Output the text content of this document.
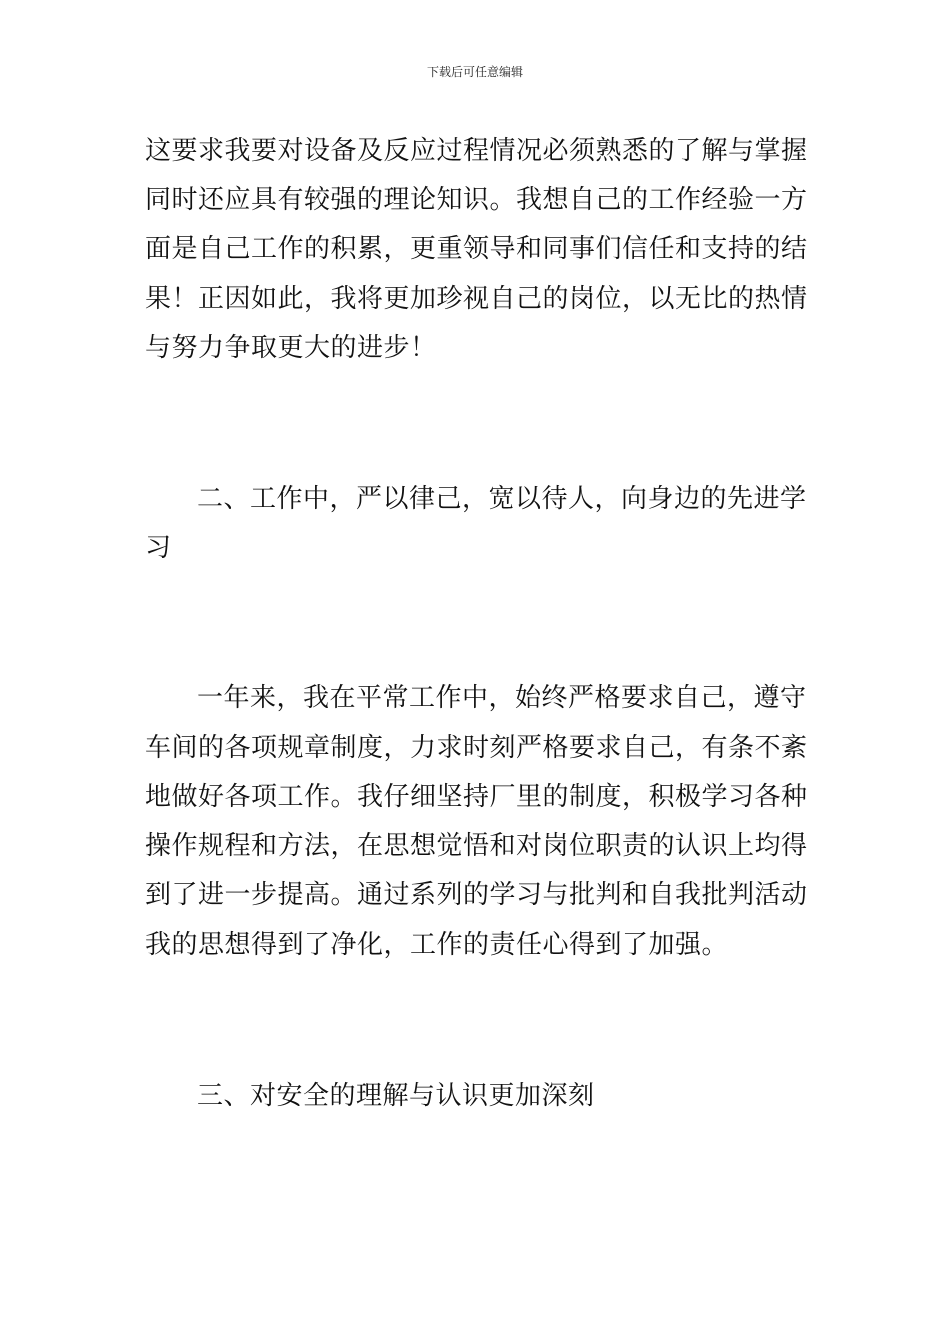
下载后可任意编辑
这要求我要对设备及反应过程情况必须熟悉的了解与掌握
同时还应具有较强的理论知识。我想自己的工作经验一方
面是自己工作的积累，更重领导和同事们信任和支持的结
果！正因如此，我将更加珍视自己的岗位，以无比的热情
与努力争取更大的进步！
二、工作中，严以律己，宽以待人，向身边的先进学
习
一年来，我在平常工作中，始终严格要求自己，遵守
车间的各项规章制度，力求时刻严格要求自己，有条不紊
地做好各项工作。我仔细坚持厂里的制度，积极学习各种
操作规程和方法，在思想觉悟和对岗位职责的认识上均得
到了进一步提高。通过系列的学习与批判和自我批判活动
我的思想得到了净化，工作的责任心得到了加强。
三、对安全的理解与认识更加深刻
